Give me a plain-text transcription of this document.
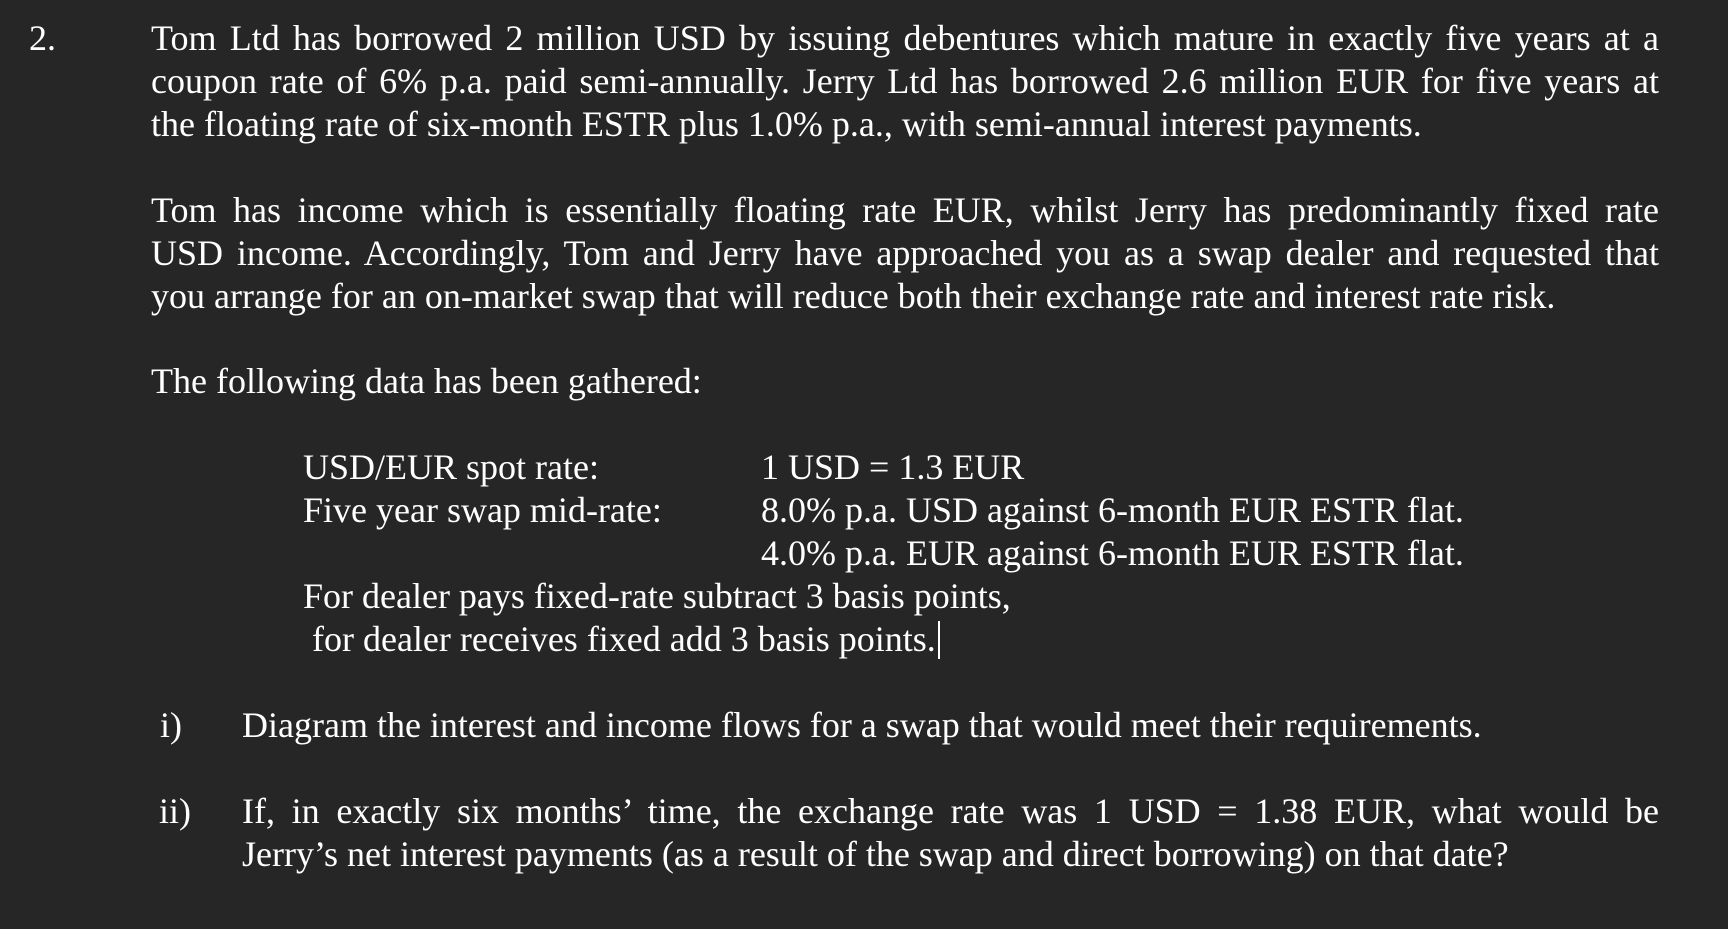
2.	Tom Ltd has borrowed 2 million USD by issuing debentures which mature in exactly five years at a
coupon rate of 6% p.a. paid semi-annually. Jerry Ltd has borrowed 2.6 million EUR for five years at
the floating rate of six-month ESTR plus 1.0% p.a., with semi-annual interest payments.
Tom has income which is essentially floating rate EUR, whilst Jerry has predominantly fixed rate
USD income. Accordingly, Tom and Jerry have approached you as a swap dealer and requested that
you arrange for an on-market swap that will reduce both their exchange rate and interest rate risk.
The following data has been gathered:
USD/EUR spot rate:	1 USD = 1.3 EUR
Five year swap mid-rate:	8.0% p.a. USD against 6-month EUR ESTR flat.
4.0% p.a. EUR against 6-month EUR ESTR flat.
For dealer pays fixed-rate subtract 3 basis points,
for dealer receives fixed add 3 basis points.
i) Diagram the interest and income flows for a swap that would meet their requirements.
ii) If, in exactly six months’ time, the exchange rate was 1 USD = 1.38 EUR, what would be
Jerry’s net interest payments (as a result of the swap and direct borrowing) on that date?
